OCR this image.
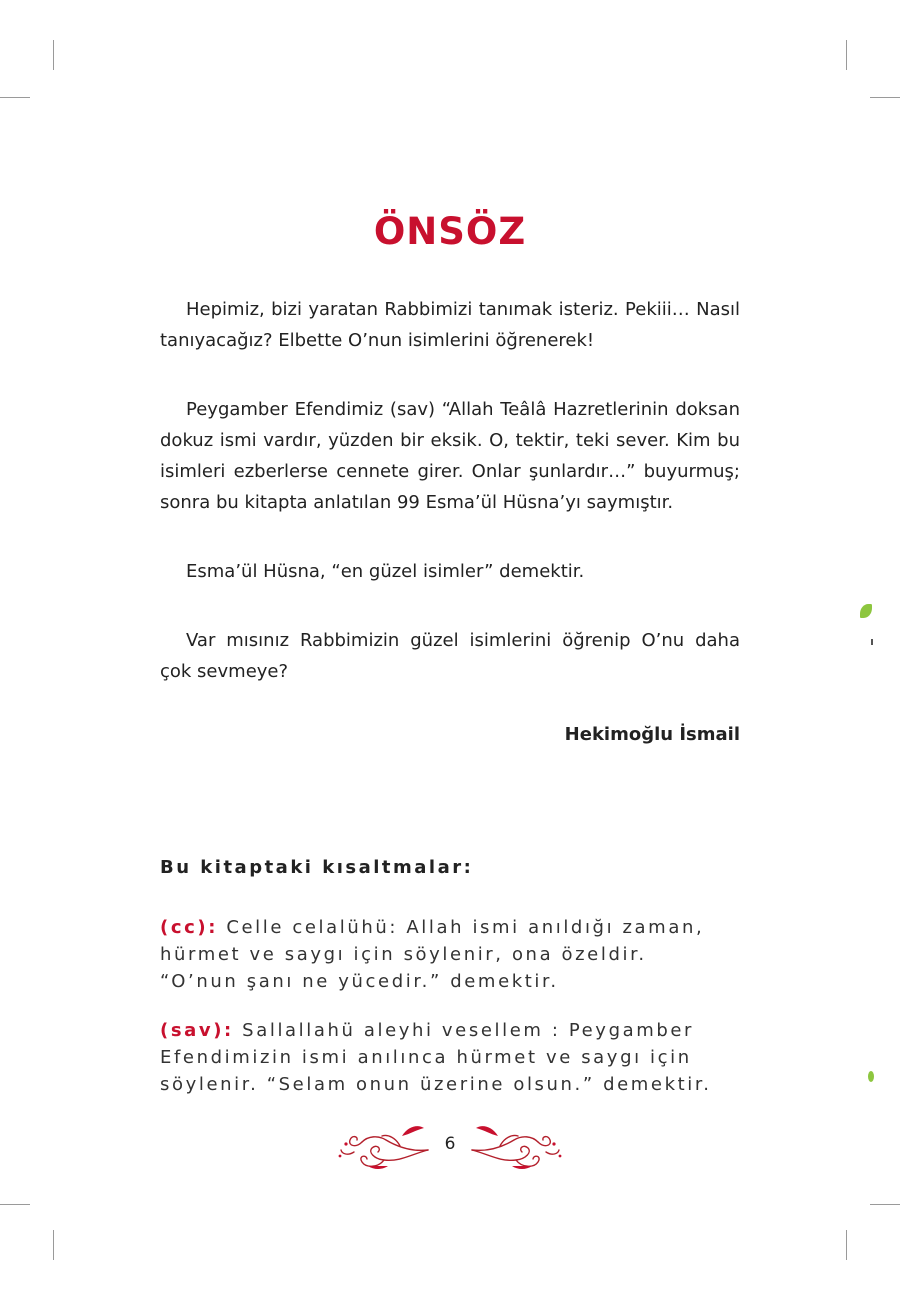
ÖNSÖZ

Hepimiz, bizi yaratan Rabbimizi tanımak isteriz. Pekiii… Nasıl tanıyacağız? Elbette O’nun isimlerini öğrenerek!

Peygamber Efendimiz (sav) “Allah Teâlâ Hazretlerinin doksan dokuz ismi vardır, yüzden bir eksik. O, tektir, teki sever. Kim bu isimleri ezberlerse cennete girer. Onlar şunlardır…” buyurmuş; sonra bu kitapta anlatılan 99 Esma’ül Hüsna’yı saymıştır.

Esma’ül Hüsna, “en güzel isimler” demektir.

Var mısınız Rabbimizin güzel isimlerini öğrenip O’nu daha çok sevmeye?

Hekimoğlu İsmail
Bu kitaptaki kısaltmalar:
(cc): Celle celalühü: Allah ismi anıldığı zaman, hürmet ve saygı için söylenir, ona özeldir. “O’nun şanı ne yücedir.” demektir.
(sav): Sallallahü aleyhi vesellem : Peygamber Efendimizin ismi anılınca hürmet ve saygı için söylenir. “Selam onun üzerine olsun.” demektir.
6
